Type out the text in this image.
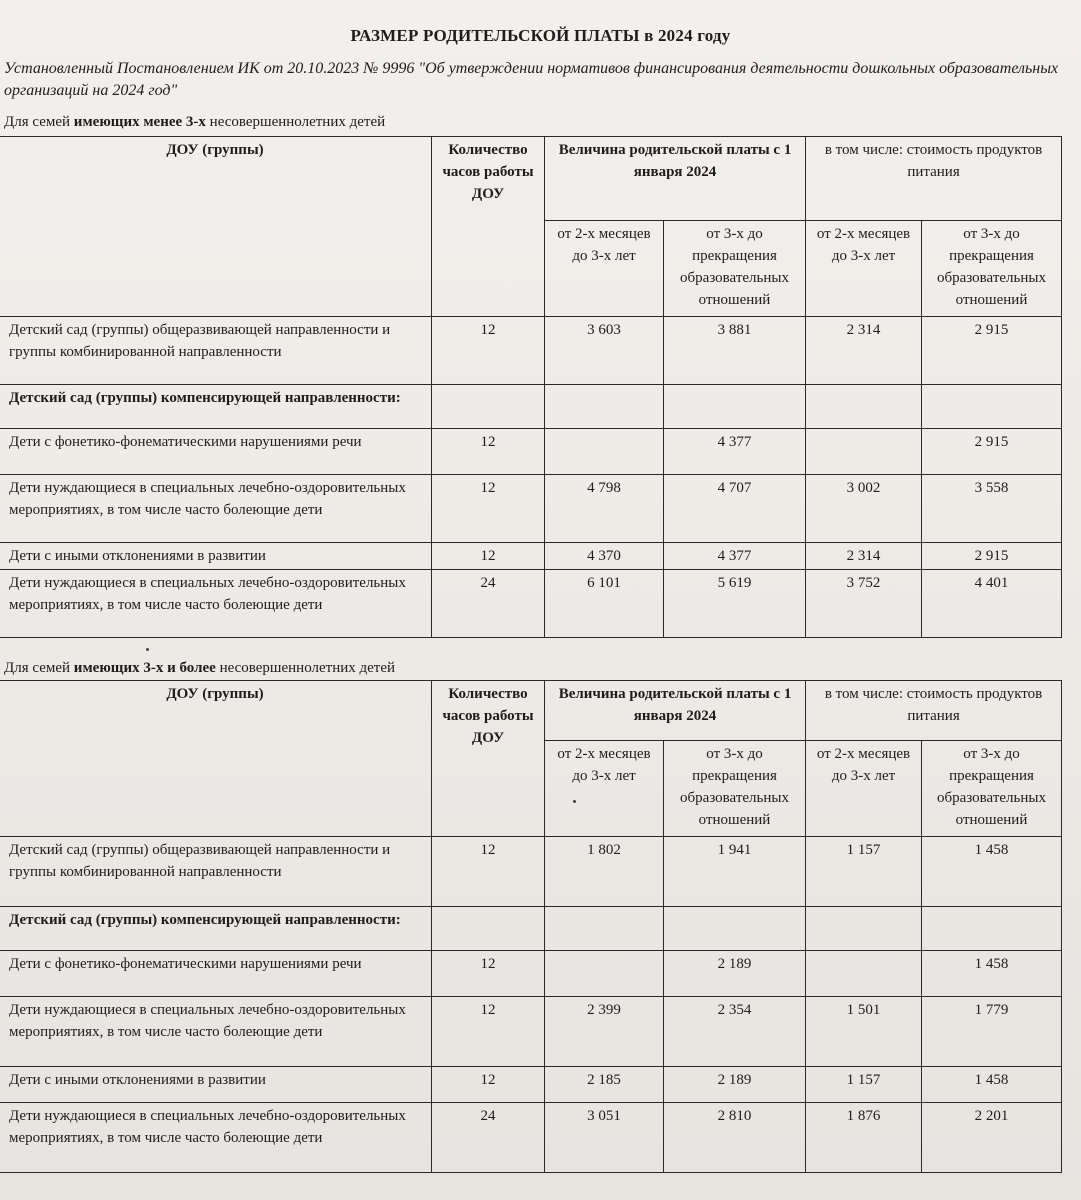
РАЗМЕР РОДИТЕЛЬСКОЙ ПЛАТЫ в 2024 году
Установленный Постановлением ИК от 20.10.2023 № 9996 "Об утверждении нормативов финансирования деятельности дошкольных образовательных организаций на 2024 год"
Для семей имеющих менее 3-х несовершеннолетних детей
ДОУ (группы)	Количество часов работы ДОУ	Величина родительской платы с 1 января 2024		в том числе: стоимость продуктов питания	
		от 2-х месяцев до 3-х лет	от 3-х до прекращения образовательных отношений	от 2-х месяцев до 3-х лет	от 3-х до прекращения образовательных отношений
Детский сад (группы) общеразвивающей направленности и группы комбинированной направленности	12	3 603	3 881	2 314	2 915
Детский сад (группы) компенсирующей направленности:					
Дети с фонетико-фонематическими нарушениями речи	12		4 377		2 915
Дети нуждающиеся в специальных лечебно-оздоровительных мероприятиях, в том числе часто болеющие дети	12	4 798	4 707	3 002	3 558
Дети с иными отклонениями в развитии	12	4 370	4 377	2 314	2 915
Дети нуждающиеся в специальных лечебно-оздоровительных мероприятиях, в том числе часто болеющие дети	24	6 101	5 619	3 752	4 401
Для семей имеющих 3-х и более несовершеннолетних детей
ДОУ (группы)	Количество часов работы ДОУ	Величина родительской платы с 1 января 2024		в том числе: стоимость продуктов питания	
		от 2-х месяцев до 3-х лет	от 3-х до прекращения образовательных отношений	от 2-х месяцев до 3-х лет	от 3-х до прекращения образовательных отношений
Детский сад (группы) общеразвивающей направленности и группы комбинированной направленности	12	1 802	1 941	1 157	1 458
Детский сад (группы) компенсирующей направленности:					
Дети с фонетико-фонематическими нарушениями речи	12		2 189		1 458
Дети нуждающиеся в специальных лечебно-оздоровительных мероприятиях, в том числе часто болеющие дети	12	2 399	2 354	1 501	1 779
Дети с иными отклонениями в развитии	12	2 185	2 189	1 157	1 458
Дети нуждающиеся в специальных лечебно-оздоровительных мероприятиях, в том числе часто болеющие дети	24	3 051	2 810	1 876	2 201
